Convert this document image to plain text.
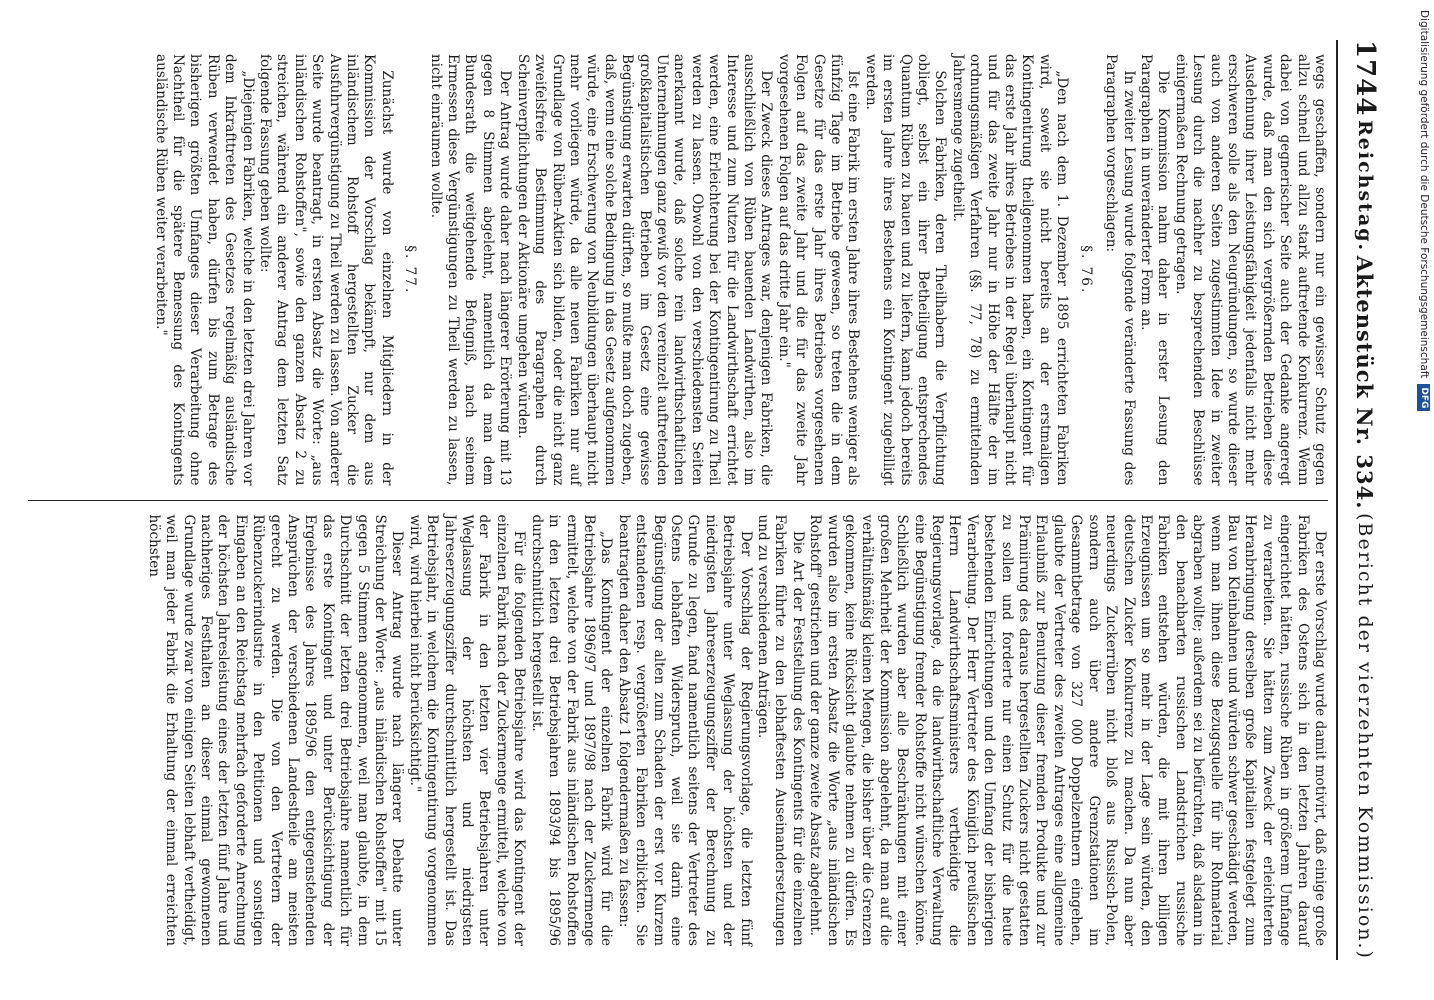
1744
Reichstag.
Aktenstück Nr. 334.
(Bericht der vierzehnten Kommission.)

wegs geschaffen, sondern nur ein gewisser Schutz gegen allzu schnell und allzu stark auftretende Konkurrenz. Wenn dabei von gegnerischer Seite auch der Gedanke angeregt wurde, daß man den sich vergrößernden Betrieben diese Ausdehnung ihrer Leistungsfähigkeit jedenfalls nicht mehr erschweren solle als den Neugründungen, so wurde dieser auch von anderen Seiten zugestimmten Idee in zweiter Lesung durch die nachher zu besprechenden Beschlüsse einigermaßen Rechnung getragen.

Die Kommission nahm daher in erster Lesung den Paragraphen in unveränderter Form an.

In zweiter Lesung wurde folgende veränderte Fassung des Paragraphen vorgeschlagen:

§. 76.

„Den nach dem 1. Dezember 1895 errichteten Fabriken wird, soweit sie nicht bereits an der erstmaligen Kontingentirung theilgenommen haben, ein Kontingent für das erste Jahr ihres Betriebes in der Regel überhaupt nicht und für das zweite Jahr nur in Höhe der Hälfte der im ordnungsmäßigen Verfahren (§§. 77, 78) zu ermittelnden Jahresmenge zugetheilt.

Solchen Fabriken, deren Theilhabern die Verpflichtung obliegt, selbst ein ihrer Betheiligung entsprechendes Quantum Rüben zu bauen und zu liefern, kann jedoch bereits im ersten Jahre ihres Bestehens ein Kontingent zugebilligt werden.

Ist eine Fabrik im ersten Jahre ihres Bestehens weniger als fünfzig Tage im Betriebe gewesen, so treten die in dem Gesetze für das erste Jahr ihres Betriebes vorgesehenen Folgen auf das zweite Jahr und die für das zweite Jahr vorgesehenen Folgen auf das dritte Jahr ein."

Der Zweck dieses Antrages war, denjenigen Fabriken, die ausschließlich von Rüben bauenden Landwirthen, also im Interesse und zum Nutzen für die Landwirthschaft errichtet werden, eine Erleichterung bei der Kontingentirung zu Theil werden zu lassen. Obwohl von den verschiedensten Seiten anerkannt wurde, daß solche rein landwirthschaftlichen Unternehmungen ganz gewiß vor den vereinzelt auftretenden großkapitalistischen Betrieben im Gesetz eine gewisse Begünstigung erwarten dürften, so mußte man doch zugeben, daß, wenn eine solche Bedingung in das Gesetz aufgenommen würde, eine Erschwerung von Neubildungen überhaupt nicht mehr vorliegen würde, da alle neuen Fabriken nur auf Grundlage von Rüben-Aktien sich bilden, oder die nicht ganz zweifelsfreie Bestimmung des Paragraphen durch Scheinverpflichtungen der Aktionäre umgehen würden.

Der Antrag wurde daher nach längerer Erörterung mit 13 gegen 8 Stimmen abgelehnt, namentlich da man dem Bundesrath die weitgehende Befugniß, nach seinem Ermessen diese Vergünstigungen zu Theil werden zu lassen, nicht einräumen wollte.

§. 77.

Zunächst wurde von einzelnen Mitgliedern in der Kommission der Vorschlag bekämpft, nur dem aus inländischem Rohstoff hergestellten Zucker die Ausfuhrvergünstigung zu Theil werden zu lassen. Von anderer Seite wurde beantragt, in ersten Absatz die Worte: „aus inländischen Rohstoffen", sowie den ganzen Absatz 2 zu streichen, während ein anderer Antrag dem letzten Satz folgende Fassung geben wollte:

„Diejenigen Fabriken, welche in den letzten drei Jahren vor dem Inkrafttreten des Gesetzes regelmäßig ausländische Rüben verwendet haben, dürfen bis zum Betrage des bisherigen größten Umfanges dieser Verarbeitung ohne Nachtheil für die spätere Bemessung des Kontingents ausländische Rüben weiter verarbeiten."

Der erste Vorschlag wurde damit motivirt, daß einige große Fabriken des Ostens sich in den letzten Jahren darauf eingerichtet hätten, russische Rüben in größerem Umfange zu verarbeiten. Sie hätten zum Zweck der erleichterten Heranbringung derselben große Kapitalien festgelegt zum Bau von Kleinbahnen und würden schwer geschädigt werden, wenn man ihnen diese Bezugsquelle für ihr Rohmaterial abgraben wollte; außerdem sei zu befürchten, daß alsdann in den benachbarten russischen Landstrichen russische Fabriken entstehen würden, die mit ihren billigen Erzeugnissen um so mehr in der Lage sein würden, den deutschen Zucker Konkurrenz zu machen. Da nun aber neuerdings Zuckerrüben nicht bloß aus Russisch-Polen, sondern auch über andere Grenzstationen im Gesammtbetrage von 327 000 Doppelzentnern eingehen, glaubte der Vertreter des zweiten Antrages eine allgemeine Erlaubniß zur Benutzung dieser fremden Produkte und zur Prämiirung des daraus hergestellten Zuckers nicht gestatten zu sollen und forderte nur einen Schutz für die heute bestehenden Einrichtungen und den Umfang der bisherigen Verarbeitung. Der Herr Vertreter des Königlich preußischen Herrn Landwirthschaftsministers vertheidigte die Regierungsvorlage, da die landwirthschaftliche Verwaltung eine Begünstigung fremder Rohstoffe nicht wünschen könne. Schließlich wurden aber alle Beschränkungen mit einer großen Mehrheit der Kommission abgelehnt, da man auf die verhältnißmäßig kleinen Mengen, die bisher über die Grenzen gekommen, keine Rücksicht glaubte nehmen zu dürfen. Es wurden also im ersten Absatz die Worte „aus inländischen Rohstoff" gestrichen und der ganze zweite Absatz abgelehnt.

Die Art der Feststellung des Kontingents für die einzelnen Fabriken führte zu den lebhaftesten Auseinandersetzungen und zu verschiedenen Anträgen.

Der Vorschlag der Regierungsvorlage, die letzten fünf Betriebsjahre unter Weglassung der höchsten und der niedrigsten Jahreserzeugungsziffer der Berechnung zu Grunde zu legen, fand namentlich seitens der Vertreter des Ostens lebhaften Widerspruch, weil sie darin eine Begünstigung der alten zum Schaden der erst vor Kurzem entstandenen resp. vergrößerten Fabriken erblickten. Sie beantragten daher den Absatz 1 folgendermaßen zu fassen:

„Das Kontingent der einzelnen Fabrik wird für die Betriebsjahre 1896/97 und 1897/98 nach der Zuckermenge ermittelt, welche von der Fabrik aus inländischen Rohstoffen in den letzten drei Betriebsjahren 1893/94 bis 1895/96 durchschnittlich hergestellt ist.

Für die folgenden Betriebsjahre wird das Kontingent der einzelnen Fabrik nach der Zuckermenge ermittelt, welche von der Fabrik in den letzten vier Betriebsjahren unter Weglassung der höchsten und niedrigsten Jahreserzeugungsziffer durchschnittlich hergestellt ist. Das Betriebsjahr, in welchem die Kontingentirung vorgenommen wird, wird hierbei nicht berücksichtigt."

Dieser Antrag wurde nach längerer Debatte unter Streichung der Worte: „aus inländischen Rohstoffen" mit 15 gegen 5 Stimmen angenommen, weil man glaubte, in dem Durchschnitt der letzten drei Betriebsjahre namentlich für das erste Kontingent und unter Berücksichtigung der Ergebnisse des Jahres 1895/96 den entgegenstehenden Ansprüchen der verschiedenen Landestheile am meisten gerecht zu werden. Die von den Vertretern der Rübenzuckerindustrie in den Petitionen und sonstigen Eingaben an den Reichstag mehrfach geforderte Anrechnung der höchsten Jahresleistung eines der letzten fünf Jahre und nachheriges Festhalten an dieser einmal gewonnenen Grundlage wurde zwar von einigen Seiten lebhaft vertheidigt, weil man jeder Fabrik die Erhaltung der einmal erreichten höchsten

Digitalisierung gefördert durch die Deutsche Forschungsgemeinschaft
DFG
